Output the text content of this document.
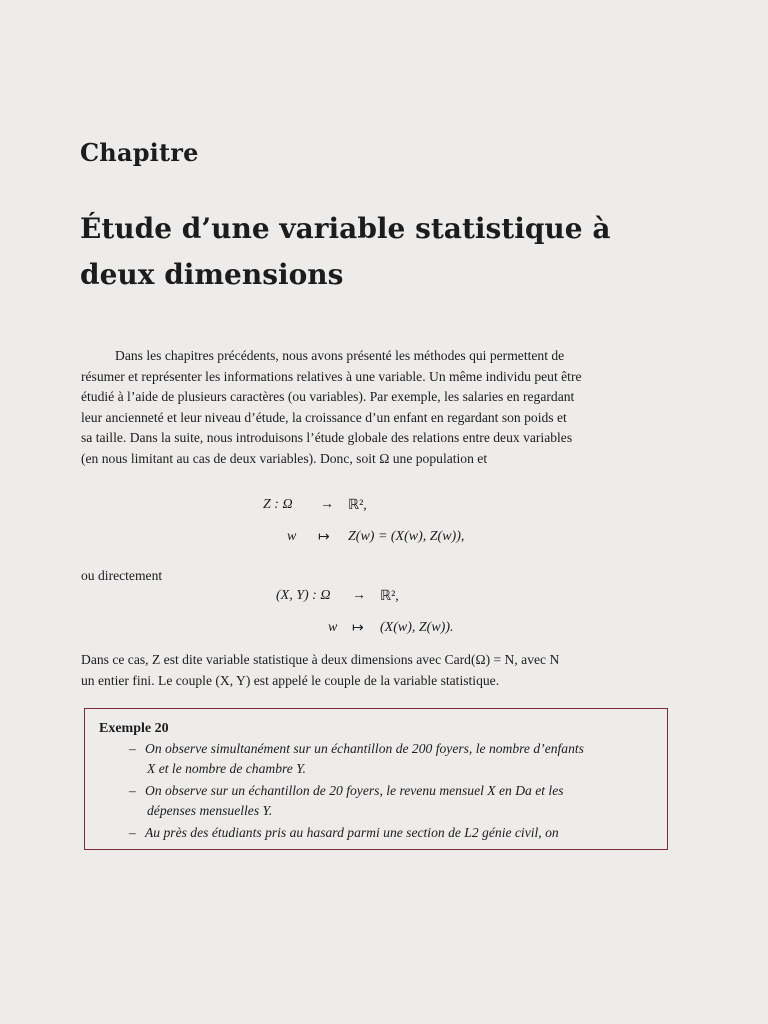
Chapitre
Étude d’une variable statistique à
deux dimensions
Dans les chapitres précédents, nous avons présenté les méthodes qui permettent de
résumer et représenter les informations relatives à une variable. Un même individu peut être
étudié à l’aide de plusieurs caractères (ou variables). Par exemple, les salaries en regardant
leur ancienneté et leur niveau d’étude, la croissance d’un enfant en regardant son poids et
sa taille. Dans la suite, nous introduisons l’étude globale des relations entre deux variables
(en nous limitant au cas de deux variables). Donc, soit Ω une population et
Z : Ω → ℝ²,
w ↦ Z(w) = (X(w), Z(w)),
ou directement
(X, Y) : Ω → ℝ²,
w ↦ (X(w), Z(w)).
Dans ce cas, Z est dite variable statistique à deux dimensions avec Card(Ω) = N, avec N
un entier fini. Le couple (X, Y) est appelé le couple de la variable statistique.
Exemple 20
– On observe simultanément sur un échantillon de 200 foyers, le nombre d’enfants
X et le nombre de chambre Y.
– On observe sur un échantillon de 20 foyers, le revenu mensuel X en Da et les
dépenses mensuelles Y.
– Au près des étudiants pris au hasard parmi une section de L2 génie civil, on
